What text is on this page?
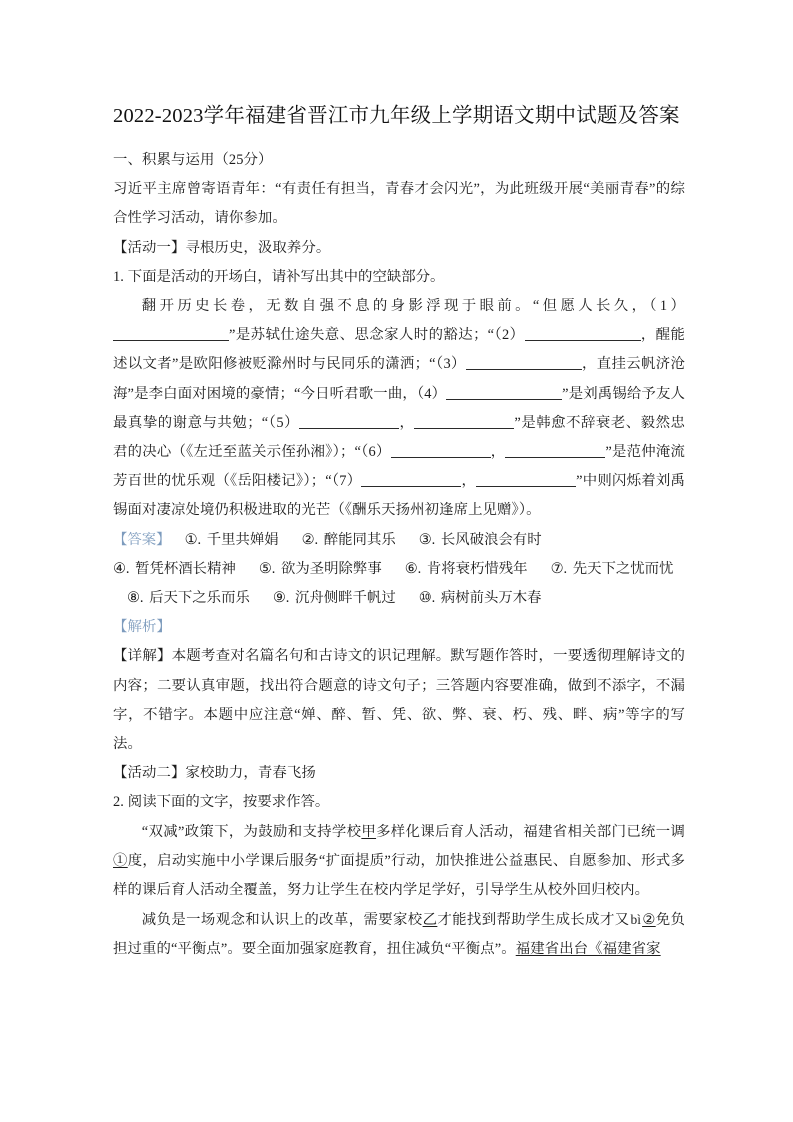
2022-2023学年福建省晋江市九年级上学期语文期中试题及答案

一、积累与运用（25分）

习近平主席曾寄语青年：“有责任有担当，青春才会闪光”，为此班级开展“美丽青春”的综合性学习活动，请你参加。

【活动一】寻根历史，汲取养分。

1. 下面是活动的开场白，请补写出其中的空缺部分。

翻开历史长卷，无数自强不息的身影浮现于眼前。“但愿人长久，（1）”是苏轼仕途失意、思念家人时的豁达；“（2）	，醒能述以文者”是欧阳修被贬滁州时与民同乐的潇洒；“（3）	，直挂云帆济沧海”是李白面对困境的豪情；“今日听君歌一曲，（4）	”是刘禹锡给予友人最真挚的谢意与共勉；“（5）	，	”是韩愈不辞衰老、毅然忠君的决心（《左迁至蓝关示侄孙湘》）；“（6）	，	”是范仲淹流芳百世的忧乐观（《岳阳楼记》）；“（7）	，	”中则闪烁着刘禹锡面对凄凉处境仍积极进取的光芒（《酬乐天扬州初逢席上见赠》）。

【答案】 ①. 千里共婵娟 ②. 醉能同其乐 ③. 长风破浪会有时④. 暂凭杯酒长精神 ⑤. 欲为圣明除弊事 ⑥. 肯将衰朽惜残年 ⑦. 先天下之忧而忧⑧. 后天下之乐而乐 ⑨. 沉舟侧畔千帆过 ⑩. 病树前头万木春

【解析】

【详解】本题考查对名篇名句和古诗文的识记理解。默写题作答时，一要透彻理解诗文的内容；二要认真审题，找出符合题意的诗文句子；三答题内容要准确，做到不添字，不漏字，不错字。本题中应注意“婵、醉、暂、凭、欲、弊、衰、朽、残、畔、病”等字的写法。

【活动二】家校助力，青春飞扬

2. 阅读下面的文字，按要求作答。

“双减”政策下，为鼓励和支持学校甲多样化课后育人活动，福建省相关部门已统一调①度，启动实施中小学课后服务“扩面提质”行动，加快推进公益惠民、自愿参加、形式多样的课后育人活动全覆盖，努力让学生在校内学足学好，引导学生从校外回归校内。

减负是一场观念和认识上的改革，需要家校乙才能找到帮助学生成长成才又bì②免负担过重的“平衡点”。要全面加强家庭教育，扭住减负“平衡点”。福建省出台《福建省家
